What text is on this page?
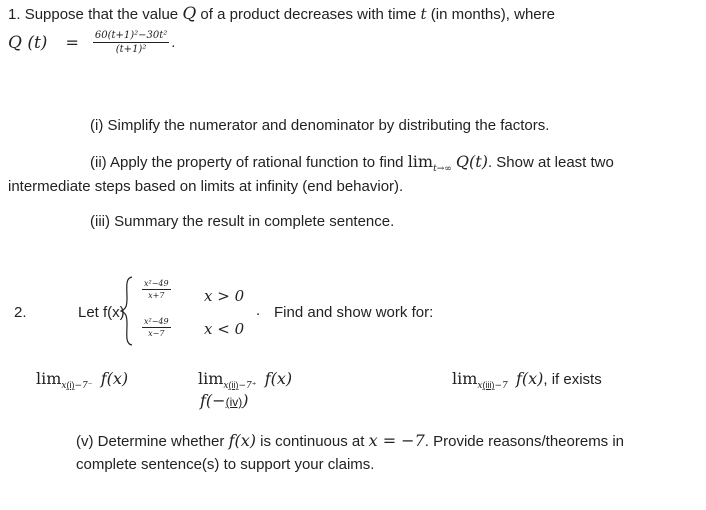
1. Suppose that the value Q of a product decreases with time t (in months), where
Q $(t) = \frac{\text{60(t+1)²−30t²}}{\text{(t+1)²}}$ .
(i) Simplify the numerator and denominator by distributing the factors.
(ii) Apply the property of rational function to find $\lim_{t\to\infty} Q(t)$. Show at least two
intermediate steps based on limits at infinity (end behavior).
(iii) Summary the result in complete sentence.
2.	Let f(x)
$\frac{\text{x²−49}}{x+7}$ x > 0
$\frac{\text{x²−49}}{x-7}$ x < 0
. Find and show work for:
$\lim_{x(i)-7^-} f(x)$	$\lim_{x(ii)-7^+} f(x)$	$\lim_{x(iii)-7} f(x)$, if exists
f(−(iv))
(v) Determine whether f(x) is continuous at x = −7. Provide reasons/theorems in
complete sentence(s) to support your claims.
